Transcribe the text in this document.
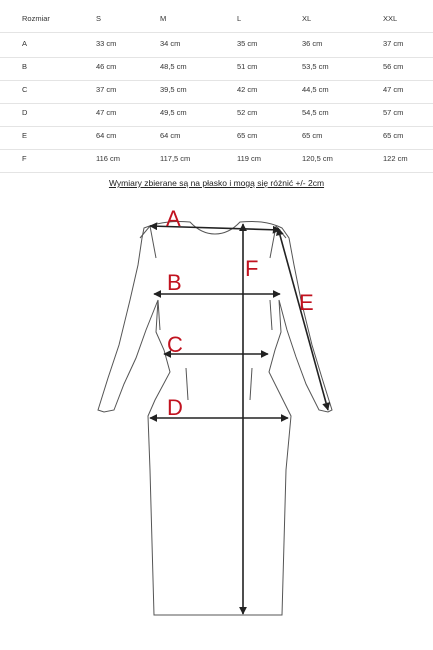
Rozmiar	S	M	L	XL	XXL
A	33 cm	34 cm	35 cm	36 cm	37 cm
B	46 cm	48,5 cm	51 cm	53,5 cm	56 cm
C	37 cm	39,5 cm	42 cm	44,5 cm	47 cm
D	47 cm	49,5 cm	52 cm	54,5 cm	57 cm
E	64 cm	64 cm	65 cm	65 cm	65 cm
F	116 cm	117,5 cm	119 cm	120,5 cm	122 cm
Wymiary zbierane są na płasko i mogą się różnić +/- 2cm
A
B
C
D
E
F
